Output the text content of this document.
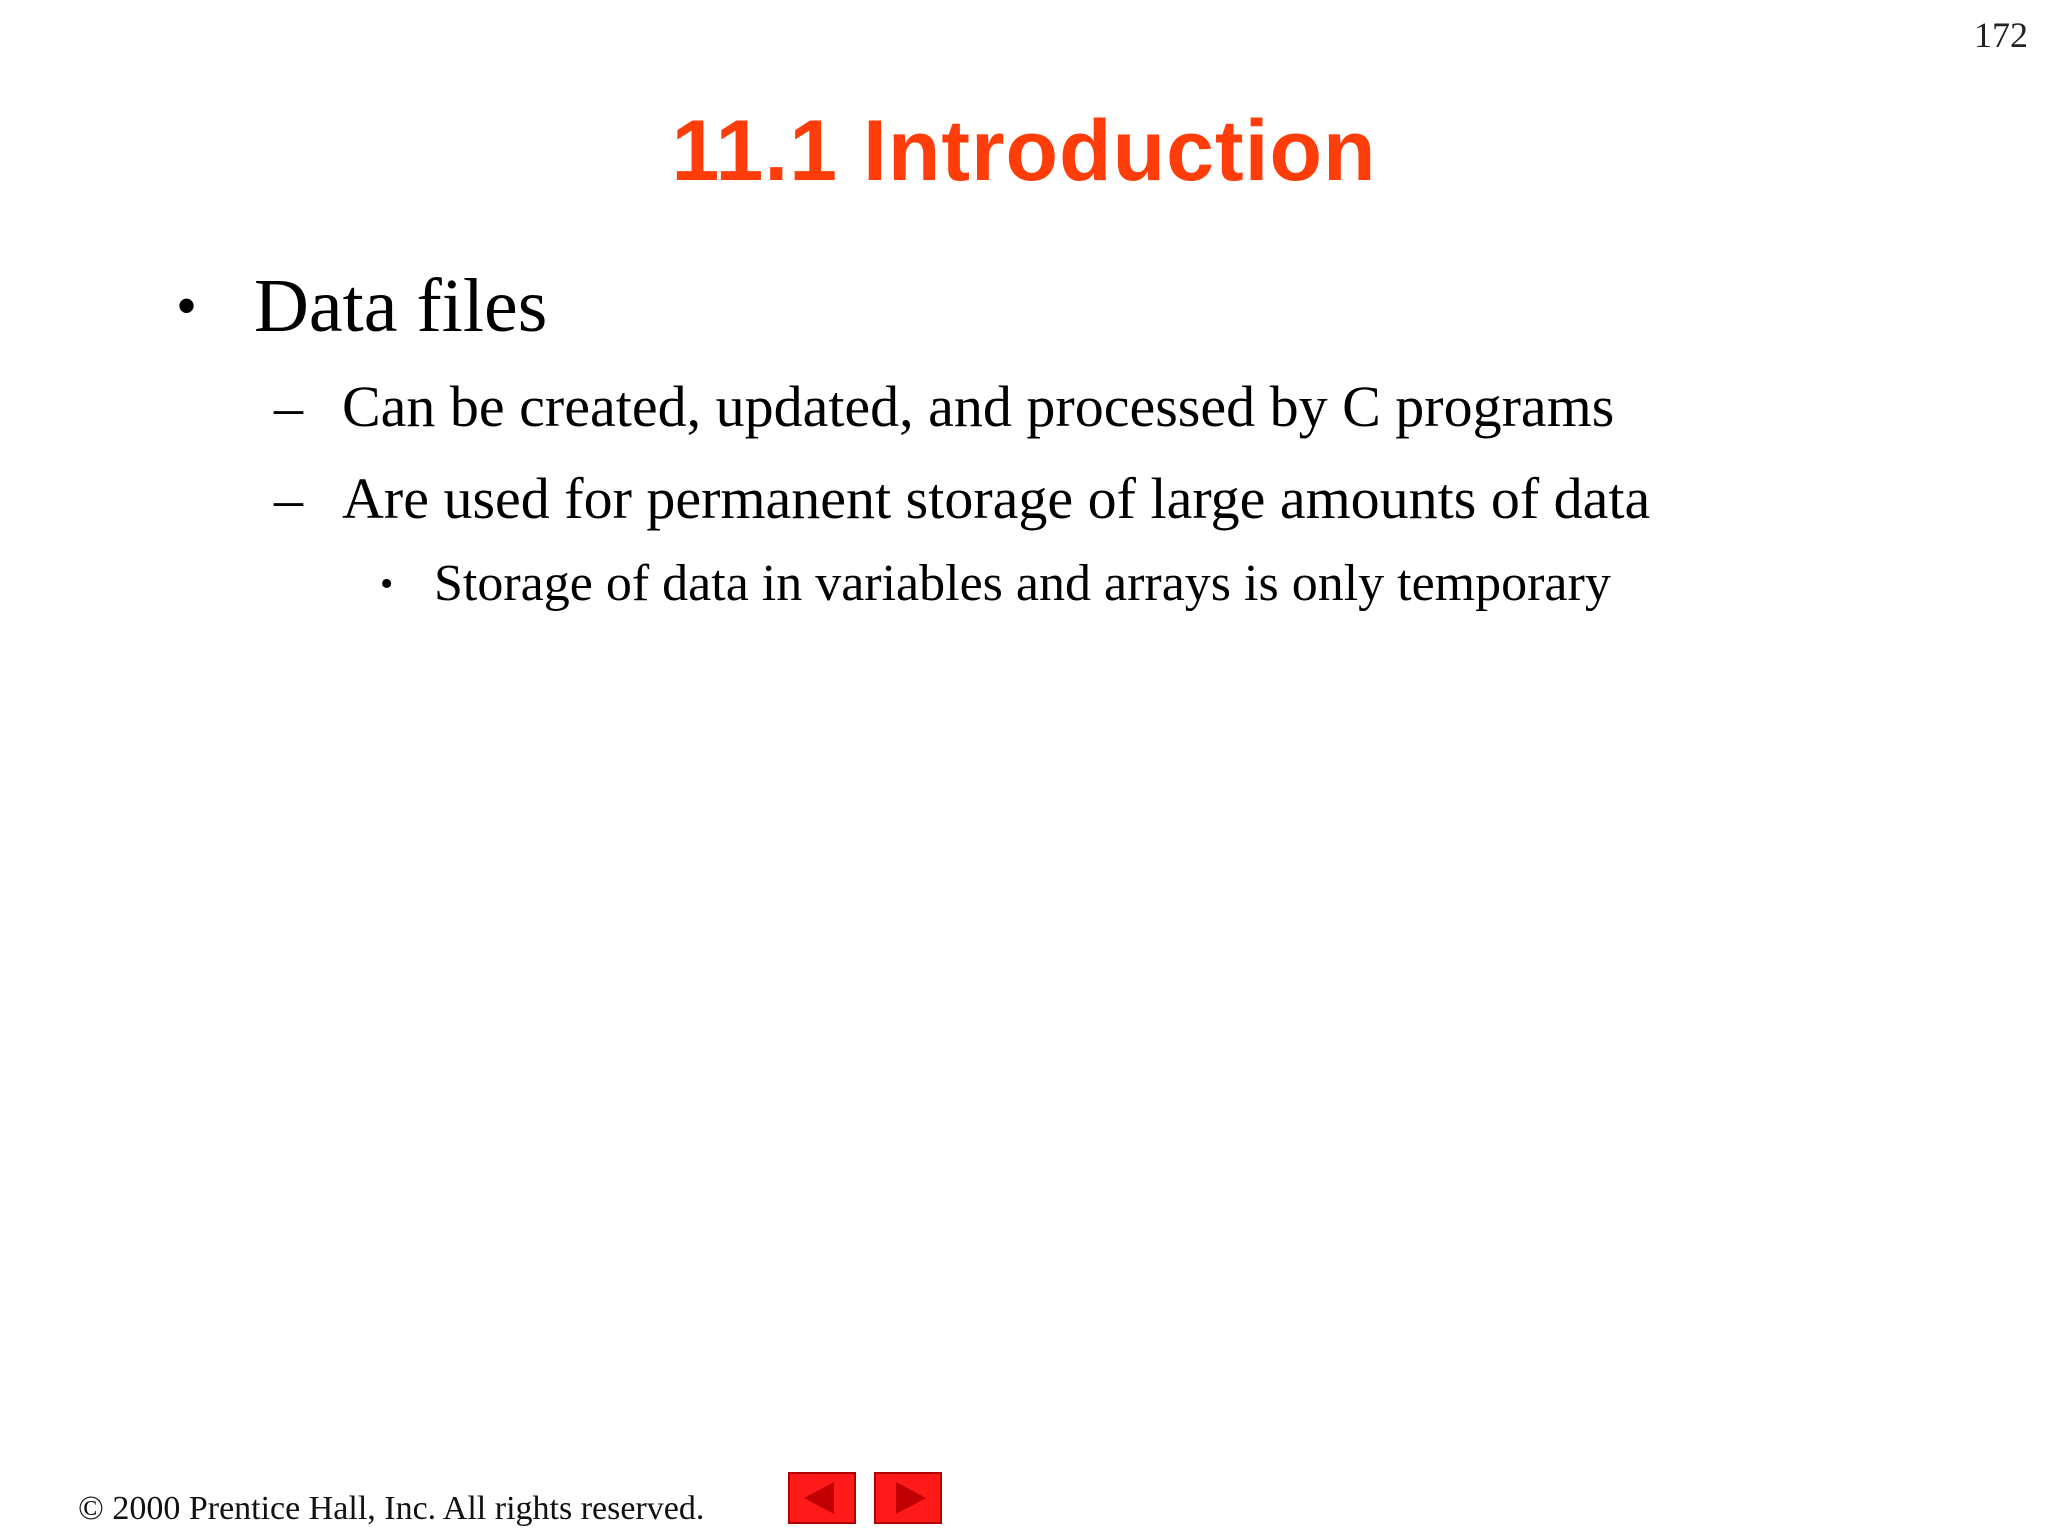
172
11.1 Introduction
• Data files
– Can be created, updated, and processed by C programs
– Are used for permanent storage of large amounts of data
• Storage of data in variables and arrays is only temporary
© 2000 Prentice Hall, Inc. All rights reserved.
